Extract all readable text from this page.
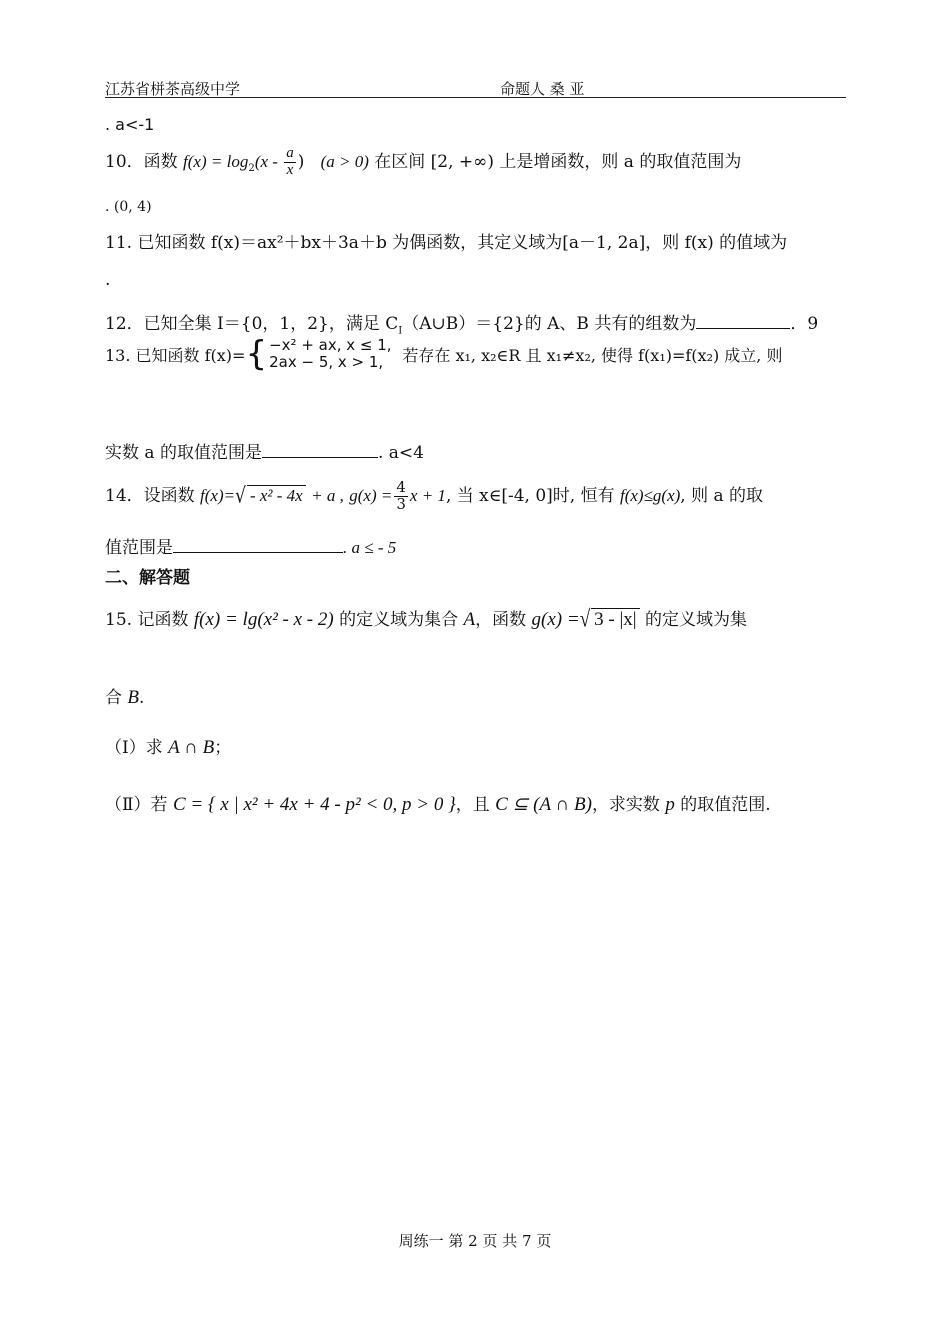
江苏省栟茶高级中学	命题人 桑 亚
. a<-1
10．函数 $f(x) = \log_2(x - \frac{a}{x}$ ) (a > 0) 在区间 [2, +∞) 上是增函数，则 a 的取值范围为
. (0, 4)
11. 已知函数 f(x)＝ax²＋bx＋3a＋b 为偶函数，其定义域为[a－1, 2a]，则 f(x) 的值域为
.
12．已知全集 I＝{0，1，2}，满足 $C_I(A\cup B)=\{2\}$的 A、B 共有的组数为	．9
13. 已知函数 f(x)= { −x² + ax, x ≤ 1,
2ax − 5, x > 1,
	若存在 x₁, x₂∈R 且 x₁≠x₂, 使得 f(x₁)=f(x₂) 成立, 则
实数 a 的取值范围是	. a<4
14．设函数 f(x)=√ - x² - 4x + a , $g(x) = \frac{4}{3}$ x + 1, 当 x∈[-4, 0]时, 恒有 f(x)≤g(x), 则 a 的取
值范围是	. a ≤ - 5
二、解答题
15. 记函数 f(x) = lg(x² - x - 2) 的定义域为集合 A，函数 g(x) =√ 3 - |x| 的定义域为集
合 B.
（Ⅰ）求 A ∩ B；
（Ⅱ）若 C = { x | x² + 4x + 4 - p² < 0, p > 0 }，且 C ⊆ (A ∩ B)，求实数 p 的取值范围.
周练一 第 2 页 共 7 页
